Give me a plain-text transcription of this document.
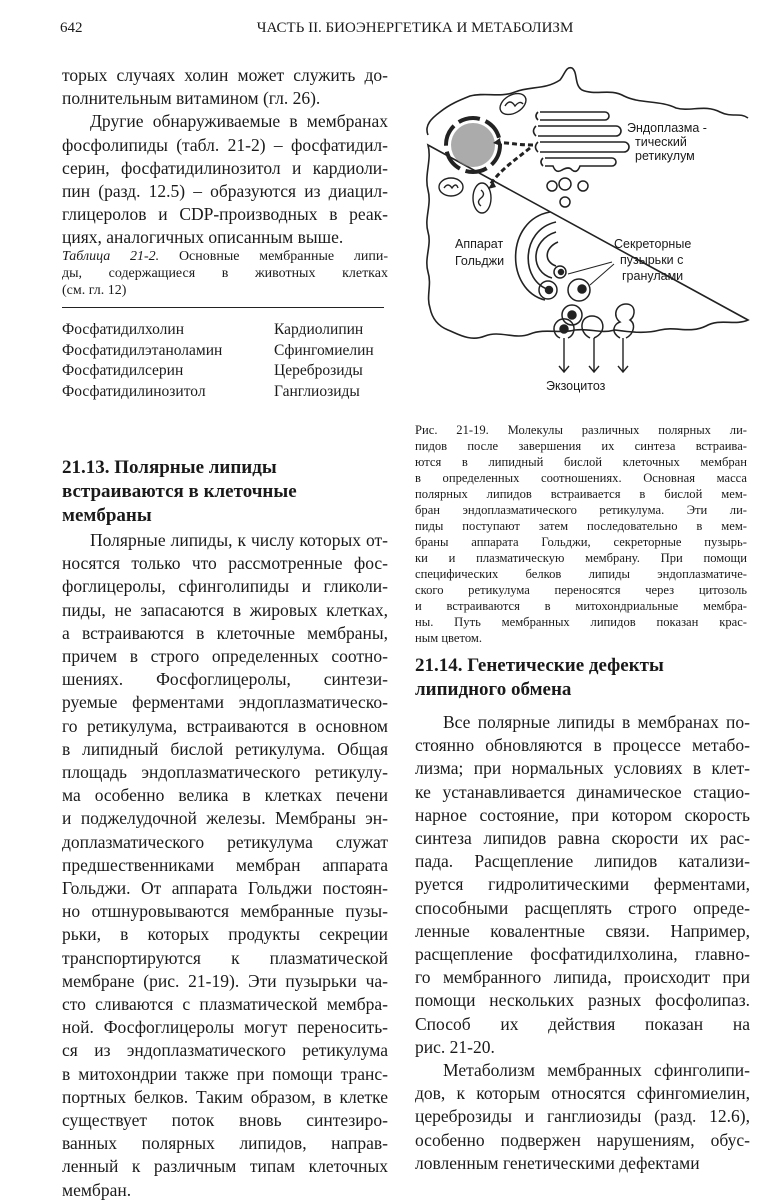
642	ЧАСТЬ II. БИОЭНЕРГЕТИКА И МЕТАБОЛИЗМ
торых случаях холин может служить до-
полнительным витамином (гл. 26).
Другие обнаруживаемые в мембранах
фосфолипиды (табл. 21-2) – фосфатидил-
серин, фосфатидилинозитол и кардиоли-
пин (разд. 12.5) – образуются из диацил-
глицеролов и CDP-производных в реак-
циях, аналогичных описанным выше.
Таблица 21-2. Основные мембранные липи-
ды, содержащиеся в животных клетках
(см. гл. 12)
Фосфатидилхолин
Фосфатидилэтаноламин
Фосфатидилсерин
Фосфатидилинозитол
Кардиолипин
Сфингомиелин
Цереброзиды
Ганглиозиды
21.13. Полярные липиды
встраиваются в клеточные
мембраны
Полярные липиды, к числу которых от-
носятся только что рассмотренные фос-
фоглицеролы, сфинголипиды и гликоли-
пиды, не запасаются в жировых клетках,
а встраиваются в клеточные мембраны,
причем в строго определенных соотно-
шениях. Фосфоглицеролы, синтези-
руемые ферментами эндоплазматическо-
го ретикулума, встраиваются в основном
в липидный бислой ретикулума. Общая
площадь эндоплазматического ретикулу-
ма особенно велика в клетках печени
и поджелудочной железы. Мембраны эн-
доплазматического ретикулума служат
предшественниками мембран аппарата
Гольджи. От аппарата Гольджи постоян-
но отшнуровываются мембранные пузы-
рьки, в которых продукты секреции
транспортируются к плазматической
мембране (рис. 21-19). Эти пузырьки ча-
сто сливаются с плазматической мембра-
ной. Фосфоглицеролы могут переносить-
ся из эндоплазматического ретикулума
в митохондрии также при помощи транс-
портных белков. Таким образом, в клетке
существует поток вновь синтезиро-
ванных полярных липидов, направ-
ленный к различным типам клеточных
мембран.
Эндоплазма -
тический
ретикулум
Аппарат
Гольджи
Секреторные
пузырьки с
гранулами
Экзоцитоз
Рис. 21-19. Молекулы различных полярных ли-
пидов после завершения их синтеза встраива-
ются в липидный бислой клеточных мембран
в определенных соотношениях. Основная масса
полярных липидов встраивается в бислой мем-
бран эндоплазматического ретикулума. Эти ли-
пиды поступают затем последовательно в мем-
браны аппарата Гольджи, секреторные пузырь-
ки и плазматическую мембрану. При помощи
специфических белков липиды эндоплазматиче-
ского ретикулума переносятся через цитозоль
и встраиваются в митохондриальные мембра-
ны. Путь мембранных липидов показан крас-
ным цветом.
21.14. Генетические дефекты
липидного обмена
Все полярные липиды в мембранах по-
стоянно обновляются в процессе метабо-
лизма; при нормальных условиях в клет-
ке устанавливается динамическое стацио-
нарное состояние, при котором скорость
синтеза липидов равна скорости их рас-
пада. Расщепление липидов катализи-
руется гидролитическими ферментами,
способными расщеплять строго опреде-
ленные ковалентные связи. Например,
расщепление фосфатидилхолина, главно-
го мембранного липида, происходит при
помощи нескольких разных фосфолипаз.
Способ их действия показан на
рис. 21-20.
Метаболизм мембранных сфинголипи-
дов, к которым относятся сфингомиелин,
цереброзиды и ганглиозиды (разд. 12.6),
особенно подвержен нарушениям, обус-
ловленным генетическими дефектами
